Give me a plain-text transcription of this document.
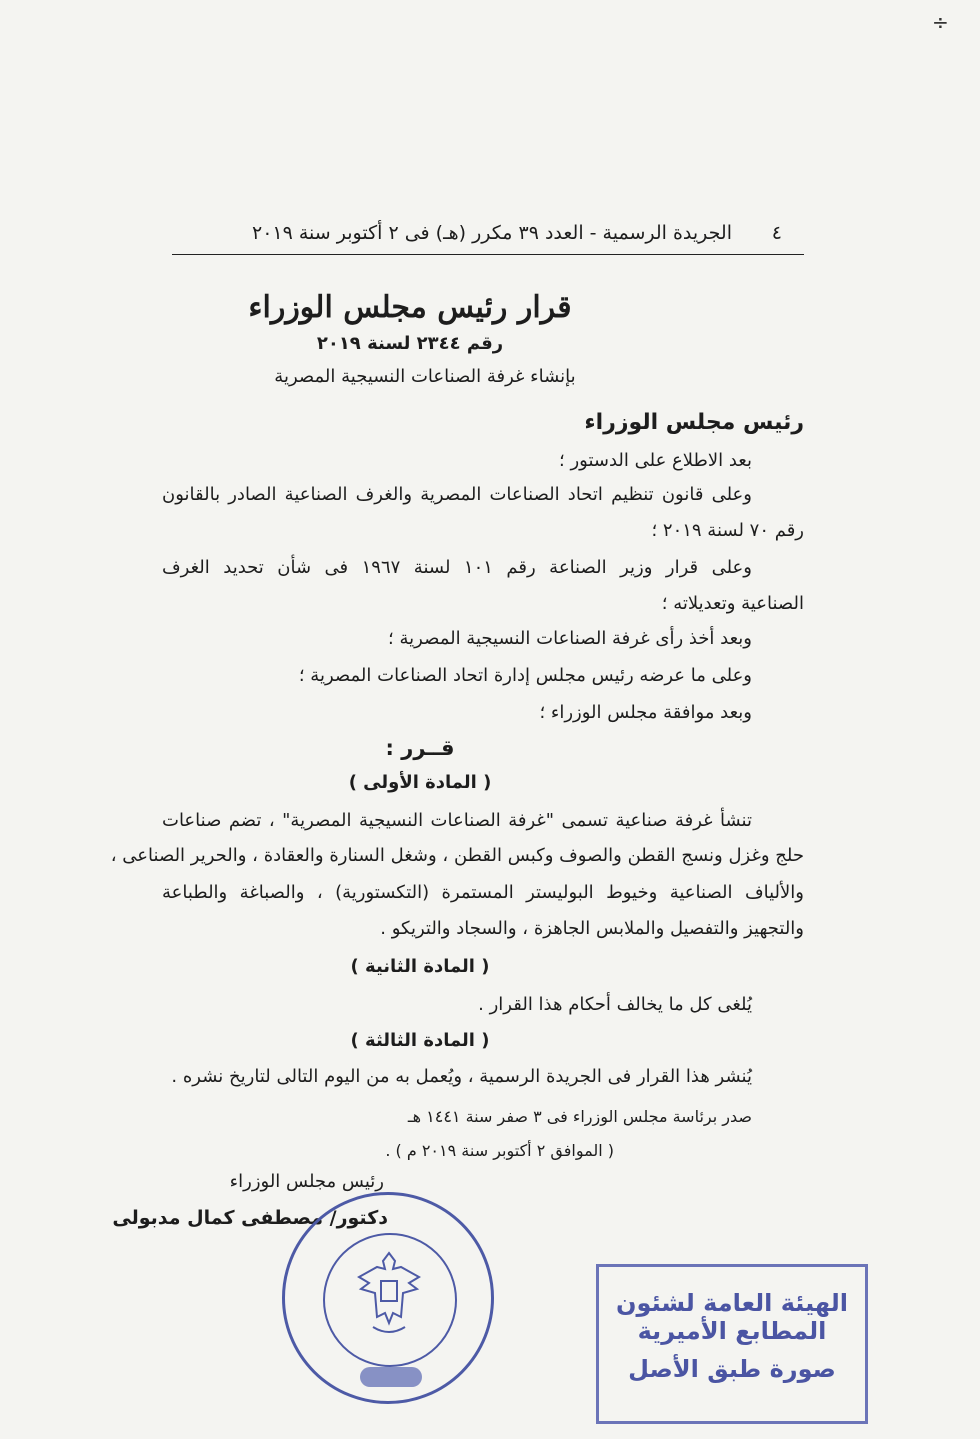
÷
٤
الجريدة الرسمية - العدد ٣٩ مكرر (هـ) فى ٢ أكتوبر سنة ٢٠١٩
قرار رئيس مجلس الوزراء
رقم ٢٣٤٤ لسنة ٢٠١٩
بإنشاء غرفة الصناعات النسيجية المصرية
رئيس مجلس الوزراء
بعد الاطلاع على الدستور ؛
وعلى قانون تنظيم اتحاد الصناعات المصرية والغرف الصناعية الصادر بالقانون
رقم ٧٠ لسنة ٢٠١٩ ؛
وعلى قرار وزير الصناعة رقم ١٠١ لسنة ١٩٦٧ فى شأن تحديد الغرف
الصناعية وتعديلاته ؛
وبعد أخذ رأى غرفة الصناعات النسيجية المصرية ؛
وعلى ما عرضه رئيس مجلس إدارة اتحاد الصناعات المصرية ؛
وبعد موافقة مجلس الوزراء ؛
قــرر :
( المادة الأولى )
تنشأ غرفة صناعية تسمى "غرفة الصناعات النسيجية المصرية" ، تضم صناعات
حلج وغزل ونسج القطن والصوف وكبس القطن ، وشغل السنارة والعقادة ، والحرير الصناعى ،
والألياف الصناعية وخيوط البوليستر المستمرة (التكستورية) ، والصباغة والطباعة
والتجهيز والتفصيل والملابس الجاهزة ، والسجاد والتريكو .
( المادة الثانية )
يُلغى كل ما يخالف أحكام هذا القرار .
( المادة الثالثة )
يُنشر هذا القرار فى الجريدة الرسمية ، ويُعمل به من اليوم التالى لتاريخ نشره .
صدر برئاسة مجلس الوزراء فى ٣ صفر سنة ١٤٤١ هـ
( الموافق ٢ أكتوبر سنة ٢٠١٩ م ) .
رئيس مجلس الوزراء
دكتور/ مصطفى كمال مدبولى
الهيئة العامة لشئون المطابع الأميرية
صورة طبق الأصل
